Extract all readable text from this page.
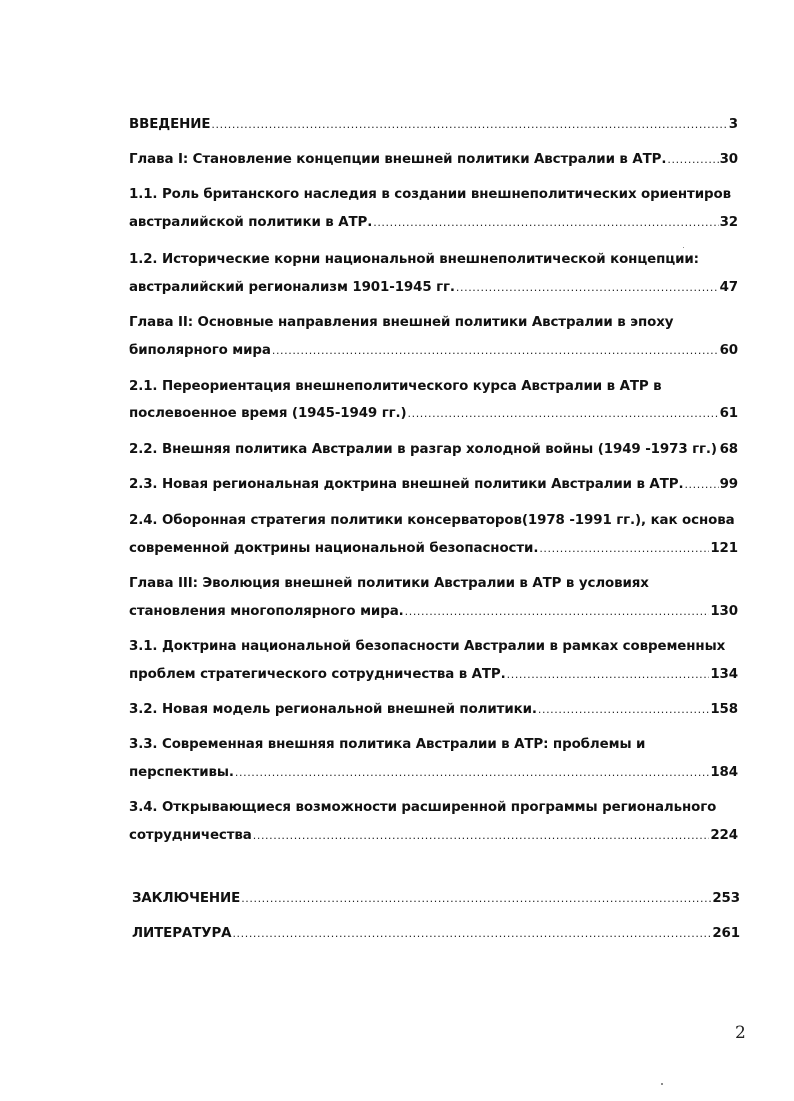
ВВЕДЕНИЕ .....	3
Глава I: Становление концепции внешней политики Австралии в АТР. .....	30
1.1. Роль британского наследия в создании внешнеполитических ориентиров
австралийской политики в АТР. .....	32
1.2. Исторические корни национальной внешнеполитической концепции:
австралийский регионализм 1901-1945 гг. .....	47
Глава II: Основные направления внешней политики Австралии в эпоху
биполярного мира .....	60
2.1. Переориентация внешнеполитического курса Австралии в АТР в
послевоенное время (1945-1949 гг.) .....	61
2.2. Внешняя политика Австралии в разгар холодной войны (1949 -1973 гг.) ..... 68
2.3. Новая региональная доктрина внешней политики Австралии в АТР. .....	99
2.4. Оборонная стратегия политики консерваторов(1978 -1991 гг.), как основа
современной доктрины национальной безопасности. .....	121
Глава III: Эволюция внешней политики Австралии в АТР в условиях
становления многополярного мира. .....	130
3.1. Доктрина национальной безопасности Австралии в рамках современных
проблем стратегического сотрудничества в АТР. .....	134
3.2. Новая модель региональной внешней политики. .....	158
3.3. Современная внешняя политика Австралии в АТР: проблемы и
перспективы. .....	184
3.4. Открывающиеся возможности расширенной программы регионального
сотрудничества .....	224
ЗАКЛЮЧЕНИЕ .....	253
ЛИТЕРАТУРА .....	261
2
